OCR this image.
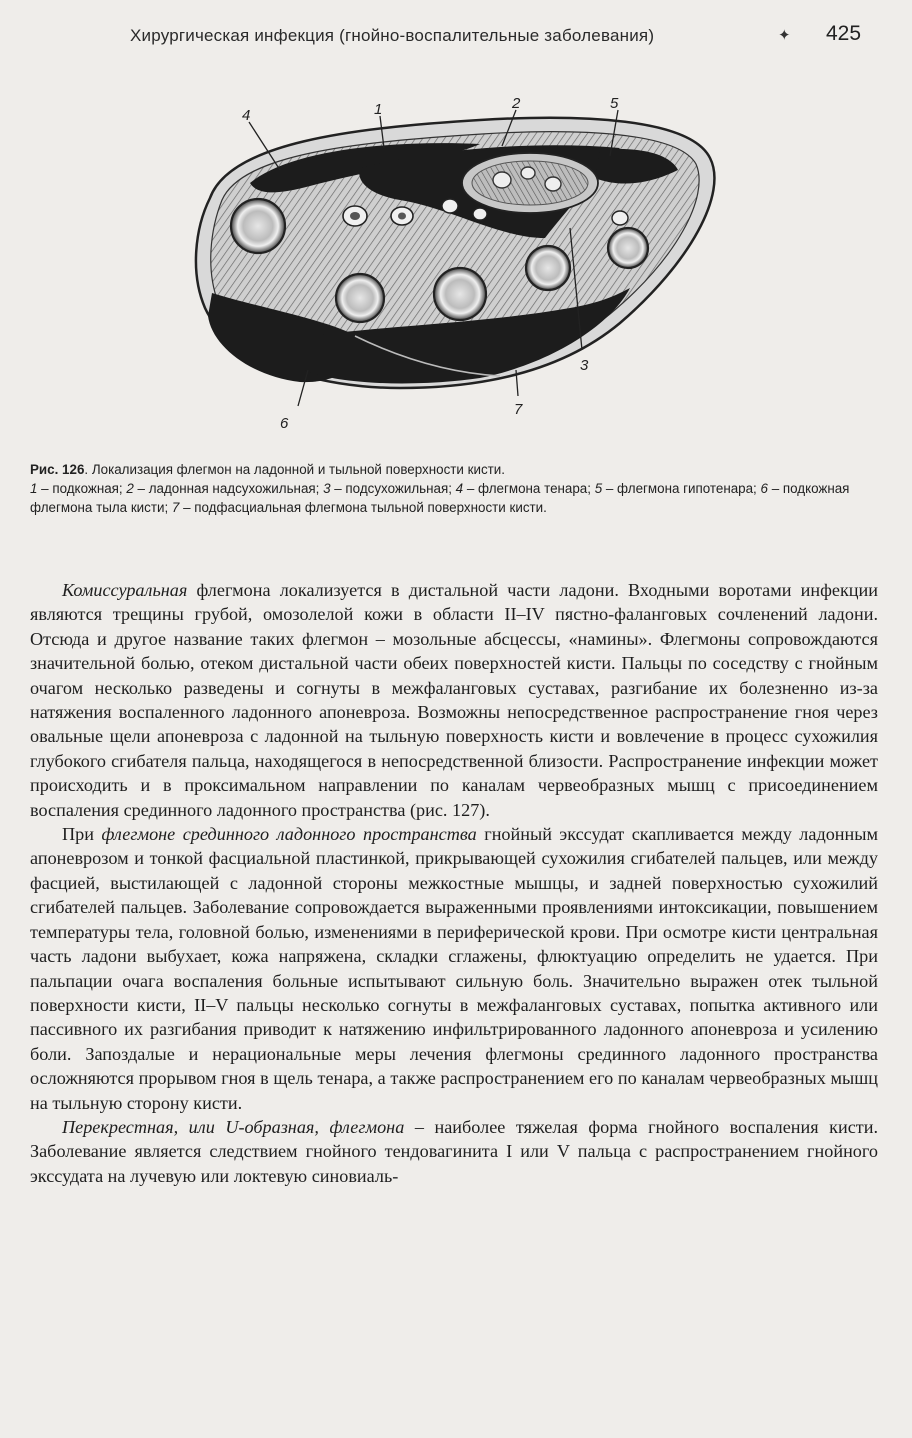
Хирургическая инфекция (гнойно-воспалительные заболевания)	✦ 425
4	1	2	5
3
6
7
Рис. 126. Локализация флегмон на ладонной и тыльной поверхности кисти.
1 – подкожная; 2 – ладонная надсухожильная; 3 – подсухожильная; 4 – флегмона тенара; 5 – флегмона гипотенара; 6 – подкожная флегмона тыла кисти; 7 – подфасциальная флегмона тыльной поверхности кисти.

Комиссуральная флегмона локализуется в дистальной части ладони. Входными воротами инфекции являются трещины грубой, омозолелой кожи в области II–IV пястно-фаланговых сочленений ладони. Отсюда и другое название таких флегмон – мозольные абсцессы, «намины». Флегмоны сопровождаются значительной болью, отеком дистальной части обеих поверхностей кисти. Пальцы по соседству с гнойным очагом несколько разведены и согнуты в межфаланговых суставах, разгибание их болезненно из-за натяжения воспаленного ладонного апоневроза. Возможны непосредственное распространение гноя через овальные щели апоневроза с ладонной на тыльную поверхность кисти и вовлечение в процесс сухожилия глубокого сгибателя пальца, находящегося в непосредственной близости. Распространение инфекции может происходить и в проксимальном направлении по каналам червеобразных мышц с присоединением воспаления срединного ладонного пространства (рис. 127).

При флегмоне срединного ладонного пространства гнойный экссудат скапливается между ладонным апоневрозом и тонкой фасциальной пластинкой, прикрывающей сухожилия сгибателей пальцев, или между фасцией, выстилающей с ладонной стороны межкостные мышцы, и задней поверхностью сухожилий сгибателей пальцев. Заболевание сопровождается выраженными проявлениями интоксикации, повышением температуры тела, головной болью, изменениями в периферической крови. При осмотре кисти центральная часть ладони выбухает, кожа напряжена, складки сглажены, флюктуацию определить не удается. При пальпации очага воспаления больные испытывают сильную боль. Значительно выражен отек тыльной поверхности кисти, II–V пальцы несколько согнуты в межфаланговых суставах, попытка активного или пассивного их разгибания приводит к натяжению инфильтрированного ладонного апоневроза и усилению боли. Запоздалые и нерациональные меры лечения флегмоны срединного ладонного пространства осложняются прорывом гноя в щель тенара, а также распространением его по каналам червеобразных мышц на тыльную сторону кисти.

Перекрестная, или U-образная, флегмона – наиболее тяжелая форма гнойного воспаления кисти. Заболевание является следствием гнойного тендовагинита I или V пальца с распространением гнойного экссудата на лучевую или локтевую синовиаль-
